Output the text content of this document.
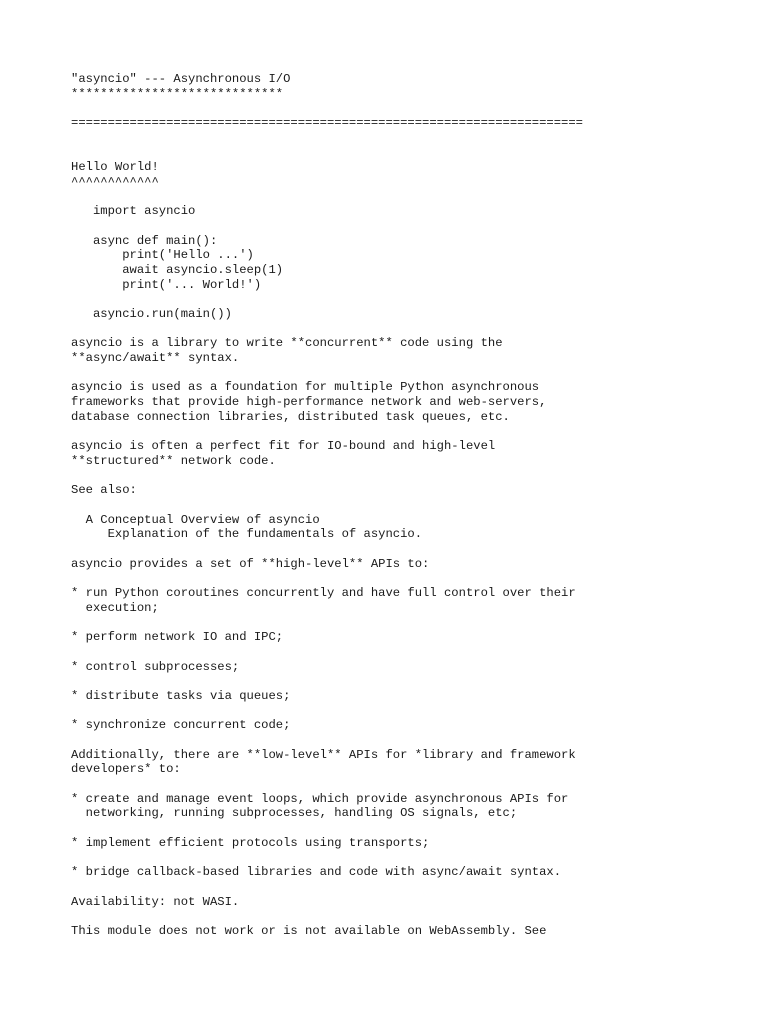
"asyncio" --- Asynchronous I/O
*****************************
======================================================================
Hello World!
^^^^^^^^^^^^
import asyncio
async def main():
print('Hello ...')
await asyncio.sleep(1)
print('... World!')
asyncio.run(main())
asyncio is a library to write **concurrent** code using the
**async/await** syntax.
asyncio is used as a foundation for multiple Python asynchronous
frameworks that provide high-performance network and web-servers,
database connection libraries, distributed task queues, etc.
asyncio is often a perfect fit for IO-bound and high-level
**structured** network code.
See also:
A Conceptual Overview of asyncio
Explanation of the fundamentals of asyncio.
asyncio provides a set of **high-level** APIs to:
* run Python coroutines concurrently and have full control over their
execution;
* perform network IO and IPC;
* control subprocesses;
* distribute tasks via queues;
* synchronize concurrent code;
Additionally, there are **low-level** APIs for *library and framework
developers* to:
* create and manage event loops, which provide asynchronous APIs for
networking, running subprocesses, handling OS signals, etc;
* implement efficient protocols using transports;
* bridge callback-based libraries and code with async/await syntax.
Availability: not WASI.
This module does not work or is not available on WebAssembly. See
